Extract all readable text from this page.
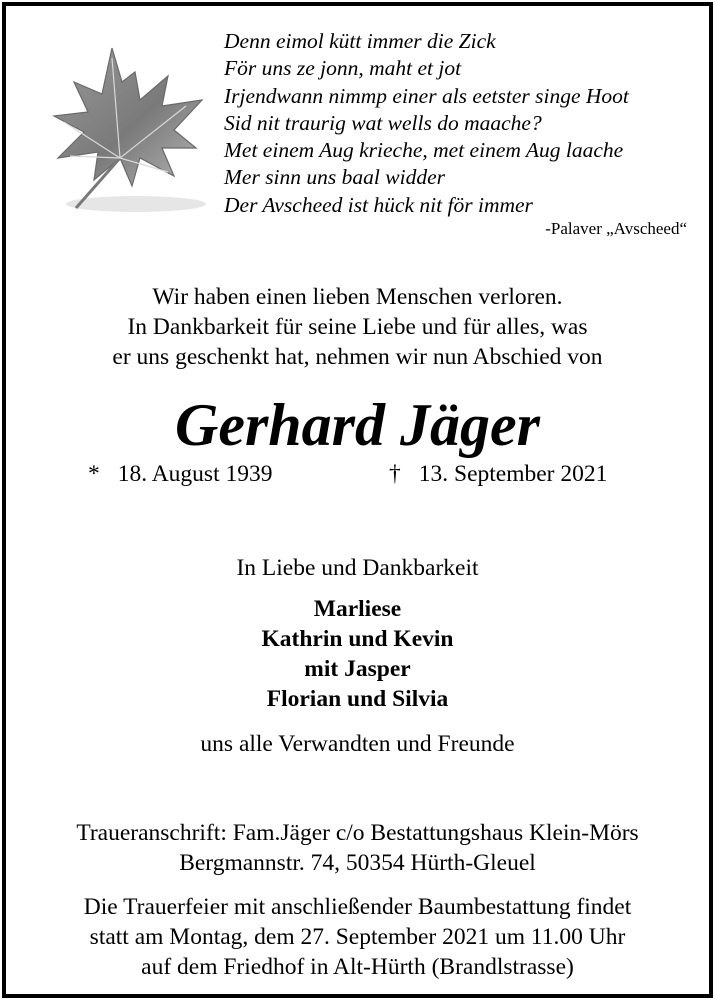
Denn eimol kütt immer die Zick
För uns ze jonn, maht et jot
Irjendwann nimmp einer als eetster singe Hoot
Sid nit traurig wat wells do maache?
Met einem Aug krieche, met einem Aug laache
Mer sinn uns baal widder
Der Avscheed ist hück nit för immer
-Palaver „Avscheed“
Wir haben einen lieben Menschen verloren.
In Dankbarkeit für seine Liebe und für alles, was
er uns geschenkt hat, nehmen wir nun Abschied von
Gerhard Jäger
* 18. August 1939	† 13. September 2021
In Liebe und Dankbarkeit
Marliese
Kathrin und Kevin
mit Jasper
Florian und Silvia
uns alle Verwandten und Freunde
Traueranschrift: Fam.Jäger c/o Bestattungshaus Klein-Mörs
Bergmannstr. 74, 50354 Hürth-Gleuel
Die Trauerfeier mit anschließender Baumbestattung findet
statt am Montag, dem 27. September 2021 um 11.00 Uhr
auf dem Friedhof in Alt-Hürth (Brandlstrasse)
